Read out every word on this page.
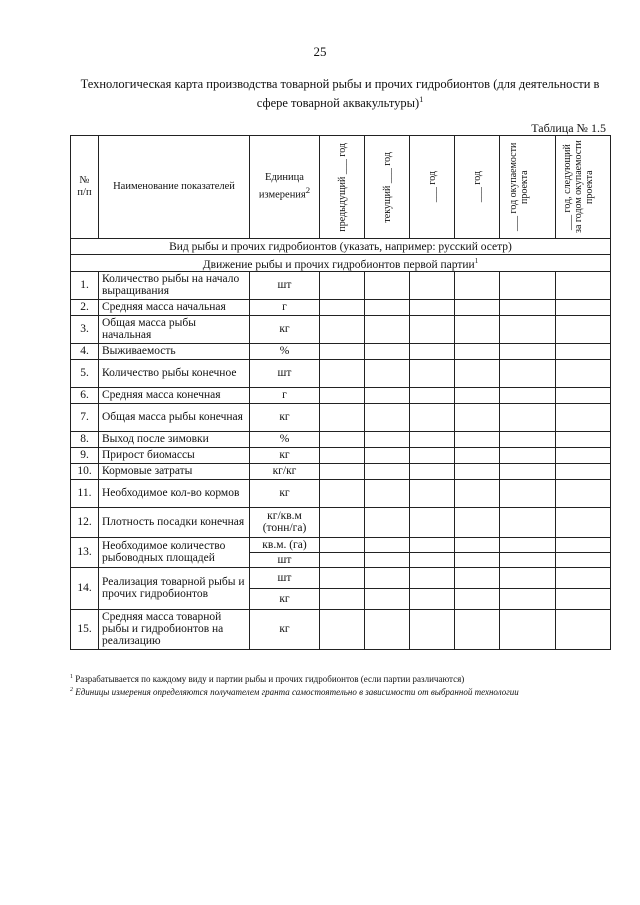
25
Технологическая карта производства товарной рыбы и прочих гидробионтов (для деятельности в сфере товарной аквакультуры)$^1$
Таблица № 1.5
№ п/п	Наименование показателей	Единица измерения$^2$	предыдущий ___ год	текущий ___ год	___ год	___ год	___ год окупаемости проекта	___ год, следующий за годом окупаемости проекта

Вид рыбы и прочих гидробионтов (указать, например: русский осетр)								
Движение рыбы и прочих гидробионтов первой партии$^1$
1.	Количество рыбы на начало выращивания	шт						
2.	Средняя масса начальная	г						
3.	Общая масса рыбы начальная	кг						
4.	Выживаемость	%						
5.	Количество рыбы конечное	шт						
6.	Средняя масса конечная	г						
7.	Общая масса рыбы конечная	кг						
8.	Выход после зимовки	%						
9.	Прирост биомассы	кг						
10.	Кормовые затраты	кг/кг						
11.	Необходимое кол-во кормов	кг						
12.	Плотность посадки конечная	кг/кв.м (тонн/га)						
13.	Необходимое количество рыбоводных площадей	кв.м. (га)						
		шт						
14.	Реализация товарной рыбы и прочих гидробионтов	шт						
		кг						
15.	Средняя масса товарной рыбы и гидробионтов на реализацию	кг						
$^1$ Разрабатывается по каждому виду и партии рыбы и прочих гидробионтов (если партии различаются)
$^2$ Единицы измерения определяются получателем гранта самостоятельно в зависимости от выбранной технологии
